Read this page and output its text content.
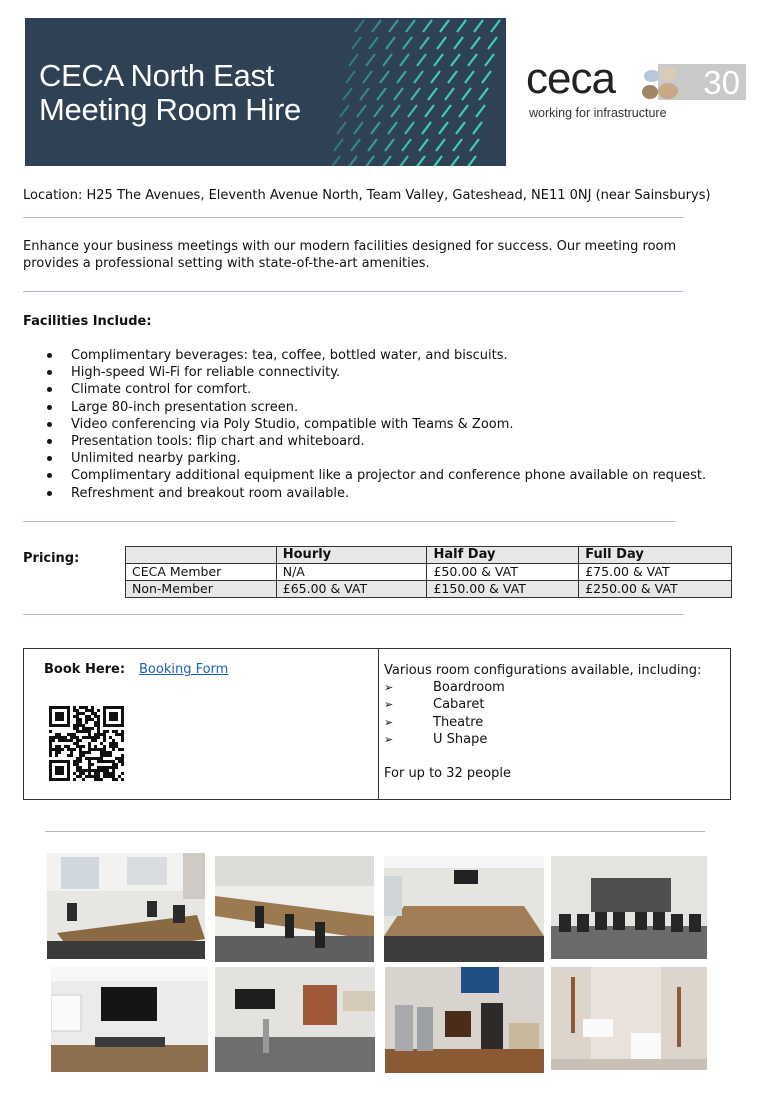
CECA North East
Meeting Room Hire
30
ceca
working for infrastructure
Location: H25 The Avenues, Eleventh Avenue North, Team Valley, Gateshead, NE11 0NJ (near Sainsburys)
Enhance your business meetings with our modern facilities designed for success. Our meeting room provides a professional setting with state-of-the-art amenities.
Facilities Include:
Complimentary beverages: tea, coffee, bottled water, and biscuits.
High-speed Wi-Fi for reliable connectivity.
Climate control for comfort.
Large 80-inch presentation screen.
Video conferencing via Poly Studio, compatible with Teams & Zoom.
Presentation tools: flip chart and whiteboard.
Unlimited nearby parking.
Complimentary additional equipment like a projector and conference phone available on request.
Refreshment and breakout room available.
Pricing:
		Hourly	Half Day	Full Day
CECA Member	N/A	£50.00 & VAT	£75.00 & VAT
Non-Member	£65.00 & VAT	£150.00 & VAT	£250.00 & VAT
Book Here: Booking Form	Various room configurations available, including:
➢	Boardroom
➢	Cabaret
➢	Theatre
➢	U Shape
For up to 32 people
